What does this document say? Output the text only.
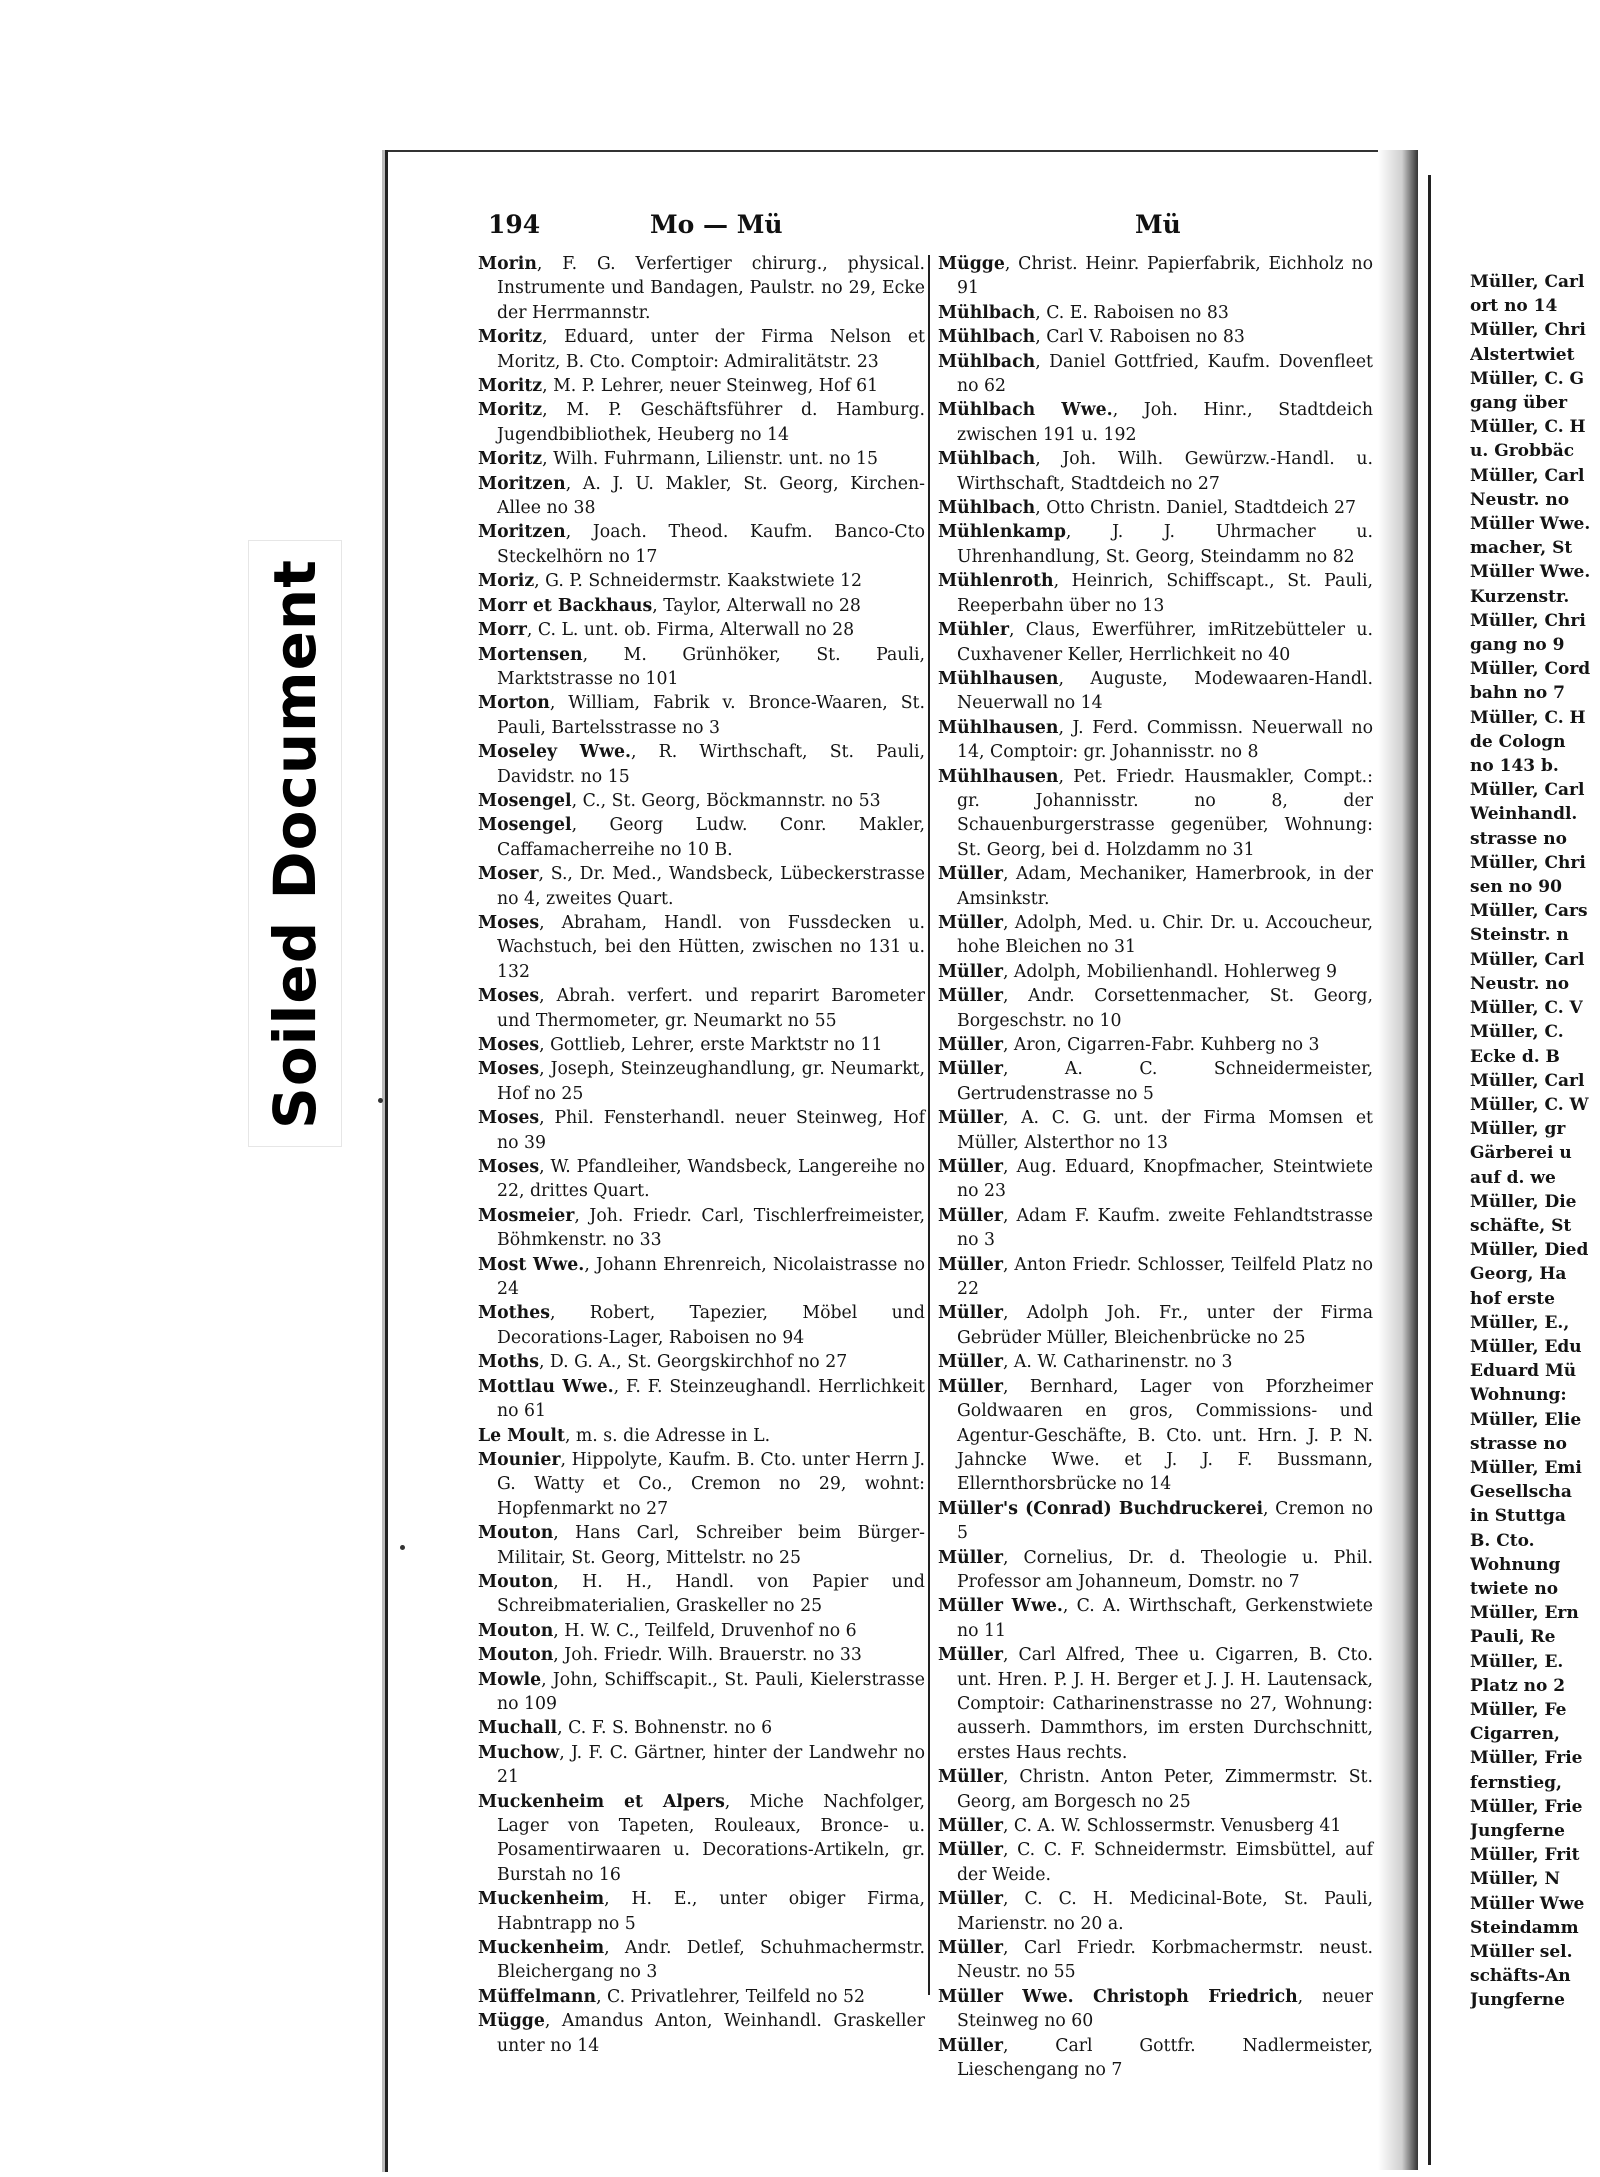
Soiled Document
194	Mo — Mü	Mü

Morin, F. G. Verfertiger chirurg., physical. Instrumente und Bandagen, Paulstr. no 29, Ecke der Herrmannstr.

Moritz, Eduard, unter der Firma Nelson et Moritz, B. Cto. Comptoir: Admiralitätstr. 23

Moritz, M. P. Lehrer, neuer Steinweg, Hof 61

Moritz, M. P. Geschäftsführer d. Hamburg. Jugendbibliothek, Heuberg no 14

Moritz, Wilh. Fuhrmann, Lilienstr. unt. no 15

Moritzen, A. J. U. Makler, St. Georg, Kirchen-Allee no 38

Moritzen, Joach. Theod. Kaufm. Banco-Cto Steckelhörn no 17

Moriz, G. P. Schneidermstr. Kaakstwiete 12

Morr et Backhaus, Taylor, Alterwall no 28

Morr, C. L. unt. ob. Firma, Alterwall no 28

Mortensen, M. Grünhöker, St. Pauli, Marktstrasse no 101

Morton, William, Fabrik v. Bronce-Waaren, St. Pauli, Bartelsstrasse no 3

Moseley Wwe., R. Wirthschaft, St. Pauli, Davidstr. no 15

Mosengel, C., St. Georg, Böckmannstr. no 53

Mosengel, Georg Ludw. Conr. Makler, Caffamacherreihe no 10 B.

Moser, S., Dr. Med., Wandsbeck, Lübeckerstrasse no 4, zweites Quart.

Moses, Abraham, Handl. von Fussdecken u. Wachstuch, bei den Hütten, zwischen no 131 u. 132

Moses, Abrah. verfert. und reparirt Barometer und Thermometer, gr. Neumarkt no 55

Moses, Gottlieb, Lehrer, erste Marktstr no 11

Moses, Joseph, Steinzeughandlung, gr. Neumarkt, Hof no 25

Moses, Phil. Fensterhandl. neuer Steinweg, Hof no 39

Moses, W. Pfandleiher, Wandsbeck, Langereihe no 22, drittes Quart.

Mosmeier, Joh. Friedr. Carl, Tischlerfreimeister, Böhmkenstr. no 33

Most Wwe., Johann Ehrenreich, Nicolaistrasse no 24

Mothes, Robert, Tapezier, Möbel und Decorations-Lager, Raboisen no 94

Moths, D. G. A., St. Georgskirchhof no 27

Mottlau Wwe., F. F. Steinzeughandl. Herrlichkeit no 61

Le Moult, m. s. die Adresse in L.

Mounier, Hippolyte, Kaufm. B. Cto. unter Herrn J. G. Watty et Co., Cremon no 29, wohnt: Hopfenmarkt no 27

Mouton, Hans Carl, Schreiber beim Bürger-Militair, St. Georg, Mittelstr. no 25

Mouton, H. H., Handl. von Papier und Schreibmaterialien, Graskeller no 25

Mouton, H. W. C., Teilfeld, Druvenhof no 6

Mouton, Joh. Friedr. Wilh. Brauerstr. no 33

Mowle, John, Schiffscapit., St. Pauli, Kielerstrasse no 109

Muchall, C. F. S. Bohnenstr. no 6

Muchow, J. F. C. Gärtner, hinter der Landwehr no 21

Muckenheim et Alpers, Miche Nachfolger, Lager von Tapeten, Rouleaux, Bronce- u. Posamentirwaaren u. Decorations-Artikeln, gr. Burstah no 16

Muckenheim, H. E., unter obiger Firma, Habntrapp no 5

Muckenheim, Andr. Detlef, Schuhmachermstr. Bleichergang no 3

Müffelmann, C. Privatlehrer, Teilfeld no 52

Mügge, Amandus Anton, Weinhandl. Graskeller unter no 14

Mügge, Christ. Heinr. Papierfabrik, Eichholz no 91

Mühlbach, C. E. Raboisen no 83

Mühlbach, Carl V. Raboisen no 83

Mühlbach, Daniel Gottfried, Kaufm. Dovenfleet no 62

Mühlbach Wwe., Joh. Hinr., Stadtdeich zwischen 191 u. 192

Mühlbach, Joh. Wilh. Gewürzw.-Handl. u. Wirthschaft, Stadtdeich no 27

Mühlbach, Otto Christn. Daniel, Stadtdeich 27

Mühlenkamp, J. J. Uhrmacher u. Uhrenhandlung, St. Georg, Steindamm no 82

Mühlenroth, Heinrich, Schiffscapt., St. Pauli, Reeperbahn über no 13

Mühler, Claus, Ewerführer, imRitzebütteler u. Cuxhavener Keller, Herrlichkeit no 40

Mühlhausen, Auguste, Modewaaren-Handl. Neuerwall no 14

Mühlhausen, J. Ferd. Commissn. Neuerwall no 14, Comptoir: gr. Johannisstr. no 8

Mühlhausen, Pet. Friedr. Hausmakler, Compt.: gr. Johannisstr. no 8, der Schauenburgerstrasse gegenüber, Wohnung: St. Georg, bei d. Holzdamm no 31

Müller, Adam, Mechaniker, Hamerbrook, in der Amsinkstr.

Müller, Adolph, Med. u. Chir. Dr. u. Accoucheur, hohe Bleichen no 31

Müller, Adolph, Mobilienhandl. Hohlerweg 9

Müller, Andr. Corsettenmacher, St. Georg, Borgeschstr. no 10

Müller, Aron, Cigarren-Fabr. Kuhberg no 3

Müller, A. C. Schneidermeister, Gertrudenstrasse no 5

Müller, A. C. G. unt. der Firma Momsen et Müller, Alsterthor no 13

Müller, Aug. Eduard, Knopfmacher, Steintwiete no 23

Müller, Adam F. Kaufm. zweite Fehlandtstrasse no 3

Müller, Anton Friedr. Schlosser, Teilfeld Platz no 22

Müller, Adolph Joh. Fr., unter der Firma Gebrüder Müller, Bleichenbrücke no 25

Müller, A. W. Catharinenstr. no 3

Müller, Bernhard, Lager von Pforzheimer Goldwaaren en gros, Commissions- und Agentur-Geschäfte, B. Cto. unt. Hrn. J. P. N. Jahncke Wwe. et J. J. F. Bussmann, Ellernthorsbrücke no 14

Müller's (Conrad) Buchdruckerei, Cremon no 5

Müller, Cornelius, Dr. d. Theologie u. Phil. Professor am Johanneum, Domstr. no 7

Müller Wwe., C. A. Wirthschaft, Gerkenstwiete no 11

Müller, Carl Alfred, Thee u. Cigarren, B. Cto. unt. Hren. P. J. H. Berger et J. J. H. Lautensack, Comptoir: Catharinenstrasse no 27, Wohnung: ausserh. Dammthors, im ersten Durchschnitt, erstes Haus rechts.

Müller, Christn. Anton Peter, Zimmermstr. St. Georg, am Borgesch no 25

Müller, C. A. W. Schlossermstr. Venusberg 41

Müller, C. C. F. Schneidermstr. Eimsbüttel, auf der Weide.

Müller, C. C. H. Medicinal-Bote, St. Pauli, Marienstr. no 20 a.

Müller, Carl Friedr. Korbmachermstr. neust. Neustr. no 55

Müller Wwe. Christoph Friedrich, neuer Steinweg no 60

Müller, Carl Gottfr. Nadlermeister, Lieschengang no 7

Müller, Carl

ort no 14

Müller, Chri

Alstertwiet

Müller, C. G

gang über

Müller, C. H

u. Grobbäc

Müller, Carl

Neustr. no

Müller Wwe.

macher, St

Müller Wwe.

Kurzenstr.

Müller, Chri

gang no 9

Müller, Cord

bahn no 7

Müller, C. H

de Cologn

no 143 b.

Müller, Carl

Weinhandl.

strasse no

Müller, Chri

sen no 90

Müller, Cars

Steinstr. n

Müller, Carl

Neustr. no

Müller, C. V

Müller, C.

Ecke d. B

Müller, Carl

Müller, C. W

Müller, gr

Gärberei u

auf d. we

Müller, Die

schäfte, St

Müller, Died

Georg, Ha

hof erste

Müller, E.,

Müller, Edu

Eduard Mü

Wohnung:

Müller, Elie

strasse no

Müller, Emi

Gesellscha

in Stuttga

B. Cto.

Wohnung

twiete no

Müller, Ern

Pauli, Re

Müller, E.

Platz no 2

Müller, Fe

Cigarren,

Müller, Frie

fernstieg,

Müller, Frie

Jungferne

Müller, Frit

Müller, N

Müller Wwe

Steindamm

Müller sel.

schäfts-An

Jungferne
